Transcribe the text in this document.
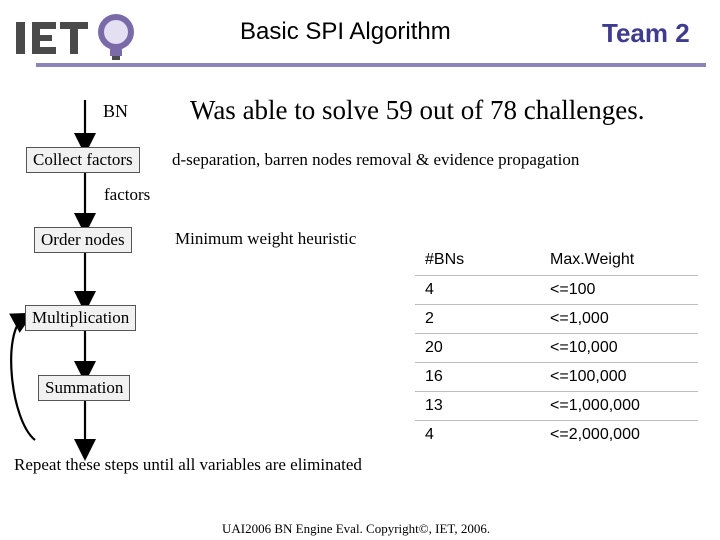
Basic SPI Algorithm	Team 2
BN
Collect factors
factors
Order nodes
Multiplication
Summation
Was able to solve 59 out of 78 challenges.
d-separation, barren nodes removal & evidence propagation
Minimum weight heuristic
#BNs	Max.Weight
4	<=100
2	<=1,000
20	<=10,000
16	<=100,000
13	<=1,000,000
4	<=2,000,000
Repeat these steps until all variables are eliminated
UAI2006 BN Engine Eval. Copyright©, IET, 2006.
